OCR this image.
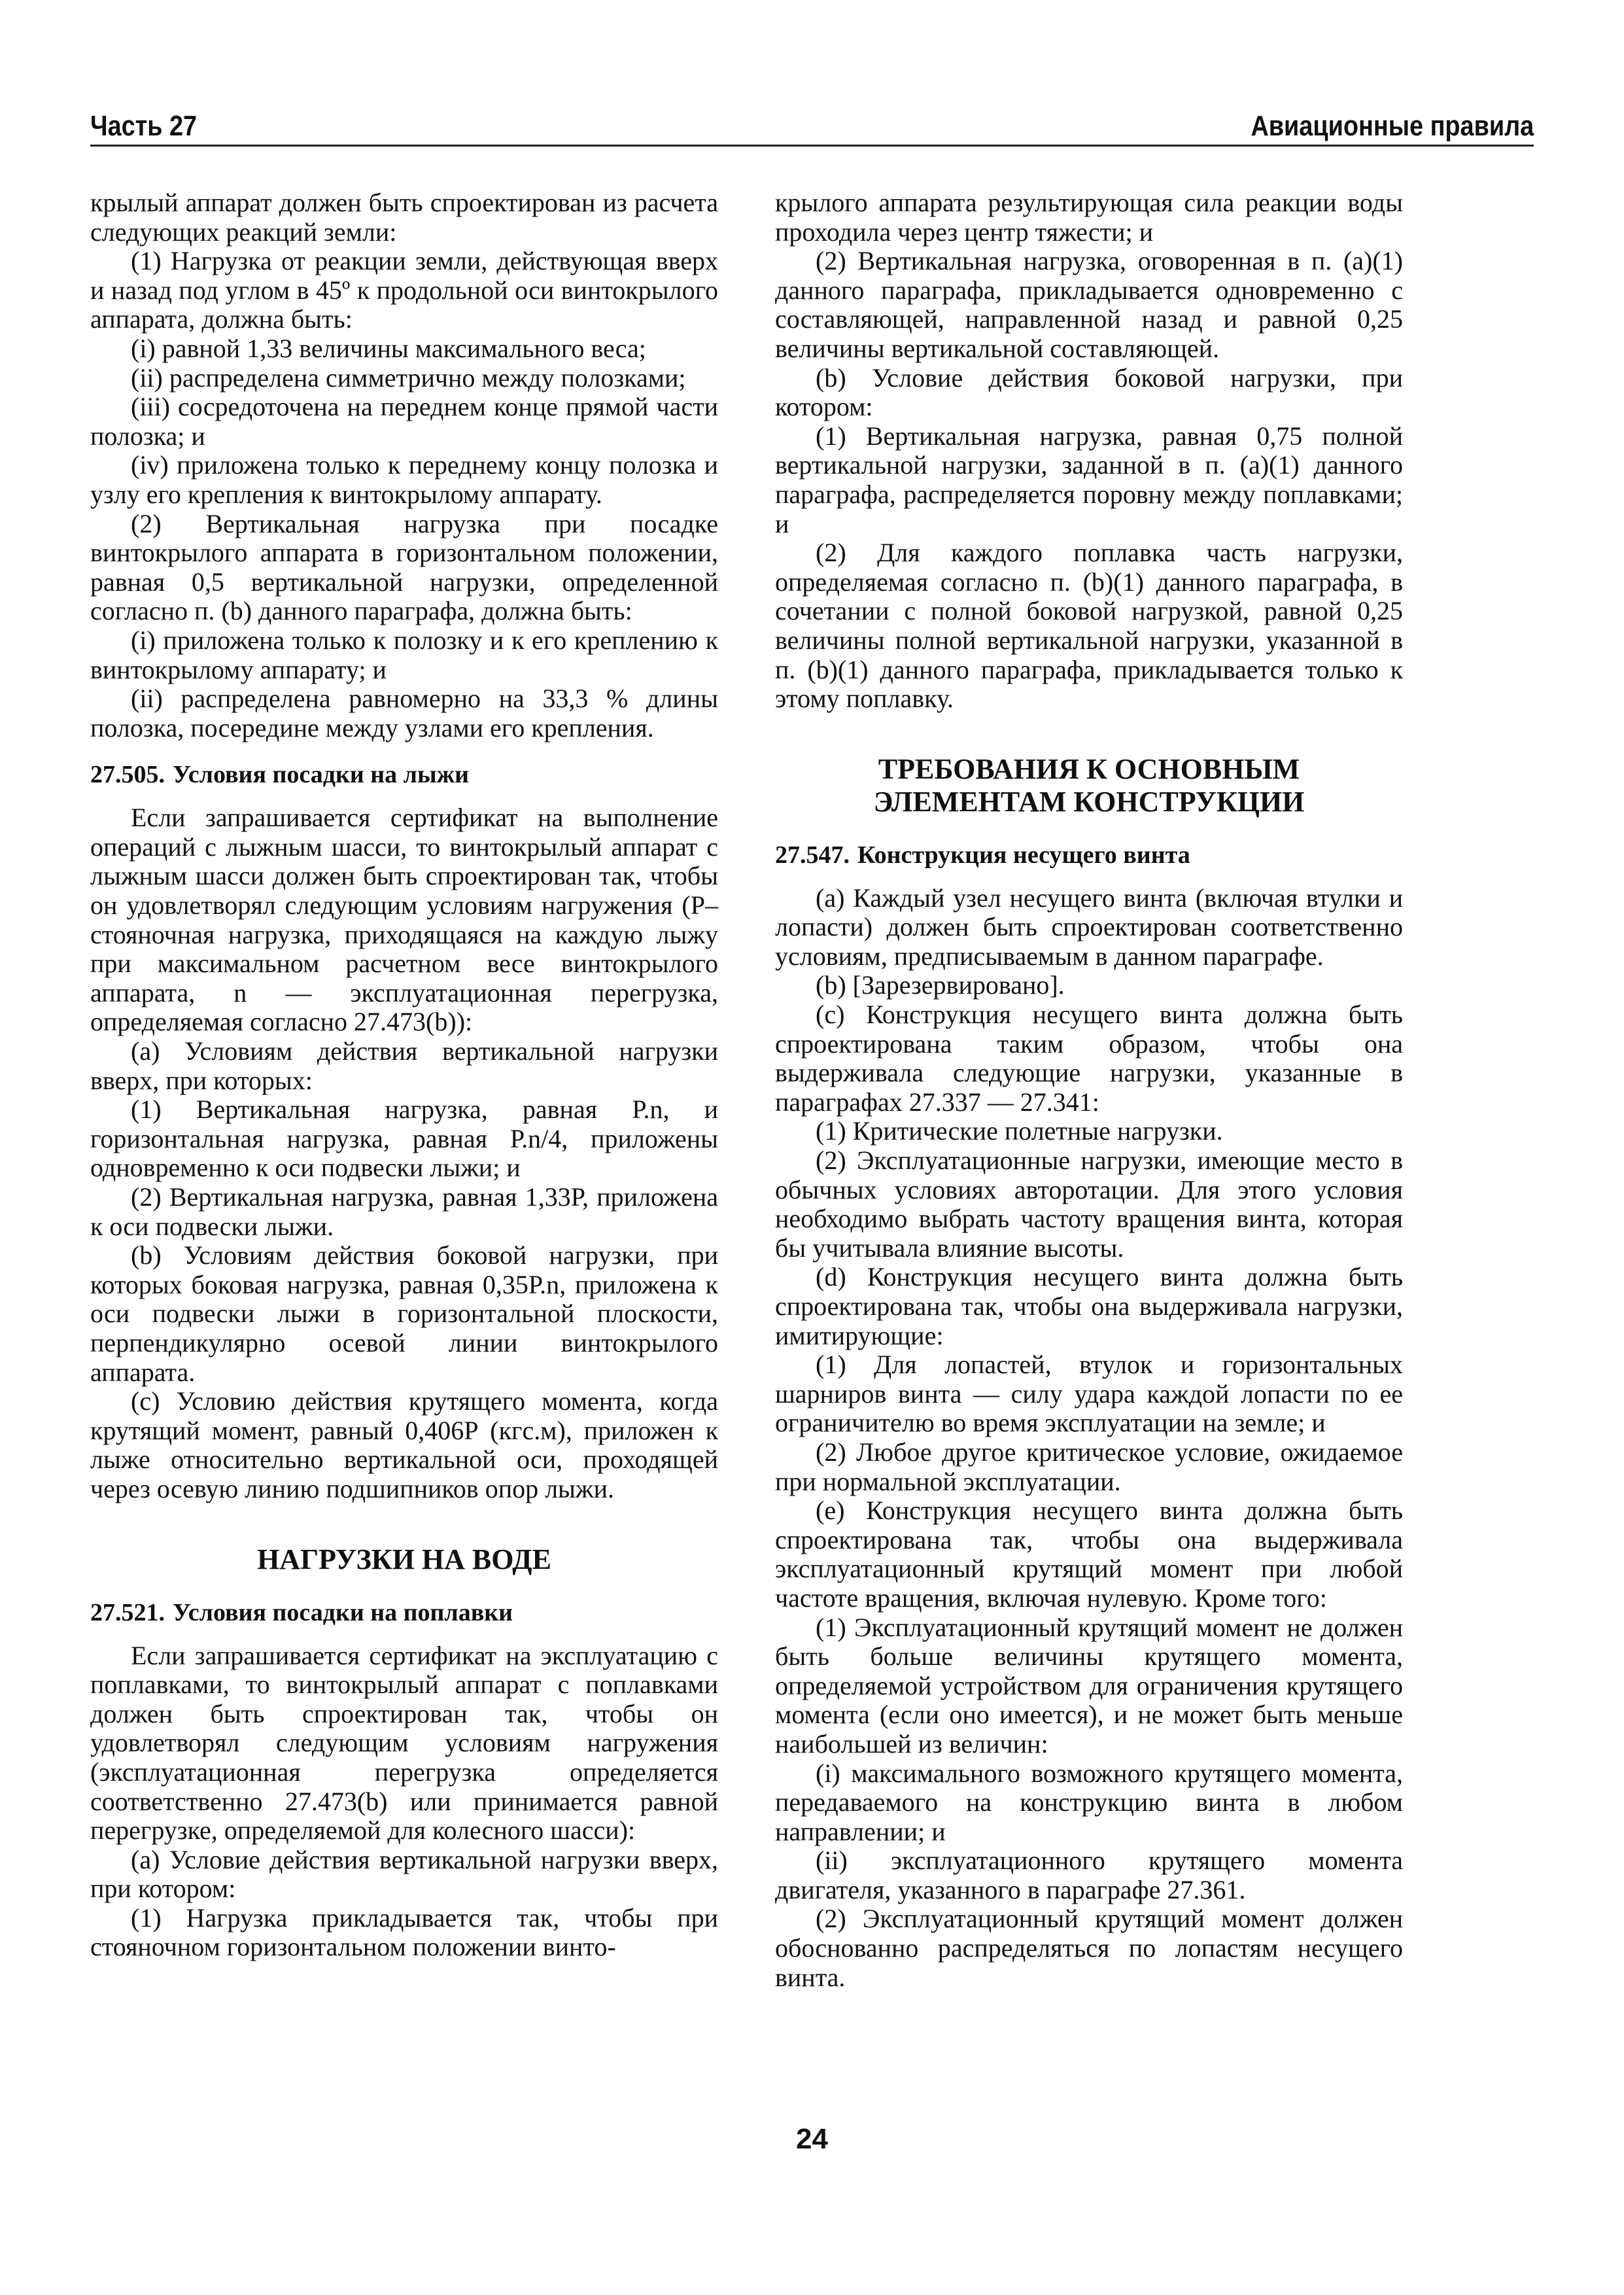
Часть 27	Авиационные правила

крылый аппарат должен быть спроектирован из расчета следующих реакций земли:

(1) Нагрузка от реакции земли, действующая вверх и назад под углом в 45º к продольной оси винтокрылого аппарата, должна быть:

(i) равной 1,33 величины максимального веса;

(ii) распределена симметрично между полозками;

(iii) сосредоточена на переднем конце прямой части полозка; и

(iv) приложена только к переднему концу полозка и узлу его крепления к винтокрылому аппарату.

(2) Вертикальная нагрузка при посадке винтокрылого аппарата в горизонтальном положении, равная 0,5 вертикальной нагрузки, определенной согласно п. (b) данного параграфа, должна быть:

(i) приложена только к полозку и к его креплению к винтокрылому аппарату; и

(ii) распределена равномерно на 33,3 % длины полозка, посередине между узлами его крепления.

27.505. Условия посадки на лыжи

Если запрашивается сертификат на выполнение операций с лыжным шасси, то винтокрылый аппарат с лыжным шасси должен быть спроектирован так, чтобы он удовлетворял следующим условиям нагружения (Р–стояночная нагрузка, приходящаяся на каждую лыжу при максимальном расчетном весе винтокрылого аппарата, n — эксплуатационная перегрузка, определяемая согласно 27.473(b)):

(a) Условиям действия вертикальной нагрузки вверх, при которых:

(1) Вертикальная нагрузка, равная Р.n, и горизонтальная нагрузка, равная Р.n/4, приложены одновременно к оси подвески лыжи; и

(2) Вертикальная нагрузка, равная 1,33Р, приложена к оси подвески лыжи.

(b) Условиям действия боковой нагрузки, при которых боковая нагрузка, равная 0,35Р.n, приложена к оси подвески лыжи в горизонтальной плоскости, перпендикулярно осевой линии винтокрылого аппарата.

(c) Условию действия крутящего момента, когда крутящий момент, равный 0,406Р (кгс.м), приложен к лыже относительно вертикальной оси, проходящей через осевую линию подшипников опор лыжи.

НАГРУЗКИ НА ВОДЕ
27.521. Условия посадки на поплавки

Если запрашивается сертификат на эксплуатацию с поплавками, то винтокрылый аппарат с поплавками должен быть спроектирован так, чтобы он удовлетворял следующим условиям нагружения (эксплуатационная перегрузка определяется соответственно 27.473(b) или принимается равной перегрузке, определяемой для колесного шасси):

(a) Условие действия вертикальной нагрузки вверх, при котором:

(1) Нагрузка прикладывается так, чтобы при стояночном горизонтальном положении винто-

крылого аппарата результирующая сила реакции воды проходила через центр тяжести; и

(2) Вертикальная нагрузка, оговоренная в п. (a)(1) данного параграфа, прикладывается одновременно с составляющей, направленной назад и равной 0,25 величины вертикальной составляющей.

(b) Условие действия боковой нагрузки, при котором:

(1) Вертикальная нагрузка, равная 0,75 полной вертикальной нагрузки, заданной в п. (a)(1) данного параграфа, распределяется поровну между поплавками; и

(2) Для каждого поплавка часть нагрузки, определяемая согласно п. (b)(1) данного параграфа, в сочетании с полной боковой нагрузкой, равной 0,25 величины полной вертикальной нагрузки, указанной в п. (b)(1) данного параграфа, прикладывается только к этому поплавку.

ТРЕБОВАНИЯ К ОСНОВНЫМ
ЭЛЕМЕНТАМ КОНСТРУКЦИИ
27.547. Конструкция несущего винта

(a) Каждый узел несущего винта (включая втулки и лопасти) должен быть спроектирован соответственно условиям, предписываемым в данном параграфе.

(b) [Зарезервировано].

(c) Конструкция несущего винта должна быть спроектирована таким образом, чтобы она выдерживала следующие нагрузки, указанные в параграфах 27.337 — 27.341:

(1) Критические полетные нагрузки.

(2) Эксплуатационные нагрузки, имеющие место в обычных условиях авторотации. Для этого условия необходимо выбрать частоту вращения винта, которая бы учитывала влияние высоты.

(d) Конструкция несущего винта должна быть спроектирована так, чтобы она выдерживала нагрузки, имитирующие:

(1) Для лопастей, втулок и горизонтальных шарниров винта — силу удара каждой лопасти по ее ограничителю во время эксплуатации на земле; и

(2) Любое другое критическое условие, ожидаемое при нормальной эксплуатации.

(e) Конструкция несущего винта должна быть спроектирована так, чтобы она выдерживала эксплуатационный крутящий момент при любой частоте вращения, включая нулевую. Кроме того:

(1) Эксплуатационный крутящий момент не должен быть больше величины крутящего момента, определяемой устройством для ограничения крутящего момента (если оно имеется), и не может быть меньше наибольшей из величин:

(i) максимального возможного крутящего момента, передаваемого на конструкцию винта в любом направлении; и

(ii) эксплуатационного крутящего момента двигателя, указанного в параграфе 27.361.

(2) Эксплуатационный крутящий момент должен обоснованно распределяться по лопастям несущего винта.

24
